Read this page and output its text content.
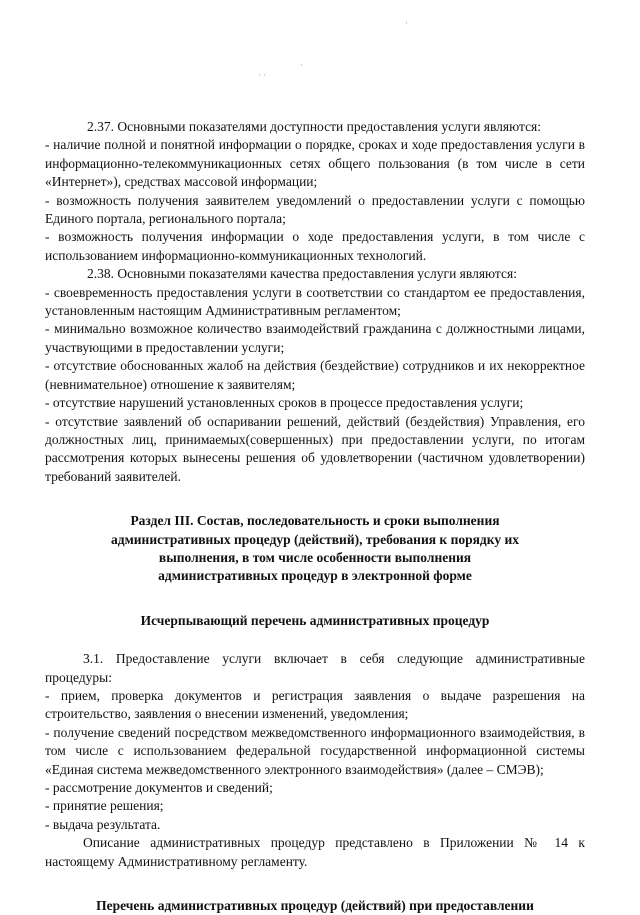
·
· ·
·

2.37. Основными показателями доступности предоставления услуги являются:

- наличие полной и понятной информации о порядке, сроках и ходе предоставления услуги в информационно-телекоммуникационных сетях общего пользования (в том числе в сети «Интернет»), средствах массовой информации;

- возможность получения заявителем уведомлений о предоставлении услуги с помощью Единого портала, регионального портала;

- возможность получения информации о ходе предоставления услуги, в том числе с использованием информационно-коммуникационных технологий.

2.38. Основными показателями качества предоставления услуги являются:

- своевременность предоставления услуги в соответствии со стандартом ее предоставления, установленным настоящим Административным регламентом;

- минимально возможное количество взаимодействий гражданина с должностными лицами, участвующими в предоставлении услуги;

- отсутствие обоснованных жалоб на действия (бездействие) сотрудников и их некорректное (невнимательное) отношение к заявителям;

- отсутствие нарушений установленных сроков в процессе предоставления услуги;

- отсутствие заявлений об оспаривании решений, действий (бездействия) Управления, его должностных лиц, принимаемых(совершенных) при предоставлении услуги, по итогам рассмотрения которых вынесены решения об удовлетворении (частичном удовлетворении) требований заявителей.

Раздел III. Состав, последовательность и сроки выполнения

административных процедур (действий), требования к порядку их

выполнения, в том числе особенности выполнения

административных процедур в электронной форме

Исчерпывающий перечень административных процедур

3.1. Предоставление услуги включает в себя следующие административные процедуры:

- прием, проверка документов и регистрация заявления о выдаче разрешения на строительство, заявления о внесении изменений, уведомления;

- получение сведений посредством межведомственного информационного взаимодействия, в том числе с использованием федеральной государственной информационной системы «Единая система межведомственного электронного взаимодействия» (далее – СМЭВ);

- рассмотрение документов и сведений;

- принятие решения;

- выдача результата.

Описание административных процедур представлено в Приложении № 14 к настоящему Административному регламенту.

Перечень административных процедур (действий) при предоставлении
